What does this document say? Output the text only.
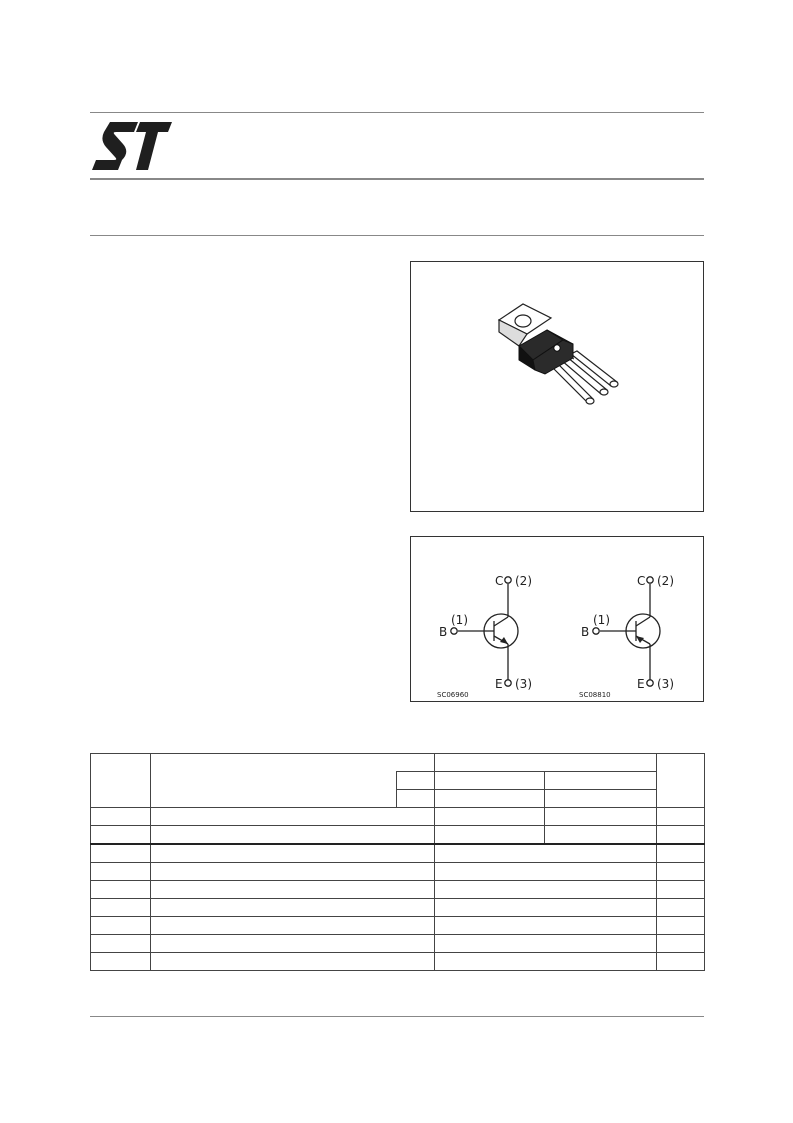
C (2)
(1)
B
E (3)
SC06960
C (2)
(1)
B
E (3)
SC08810
